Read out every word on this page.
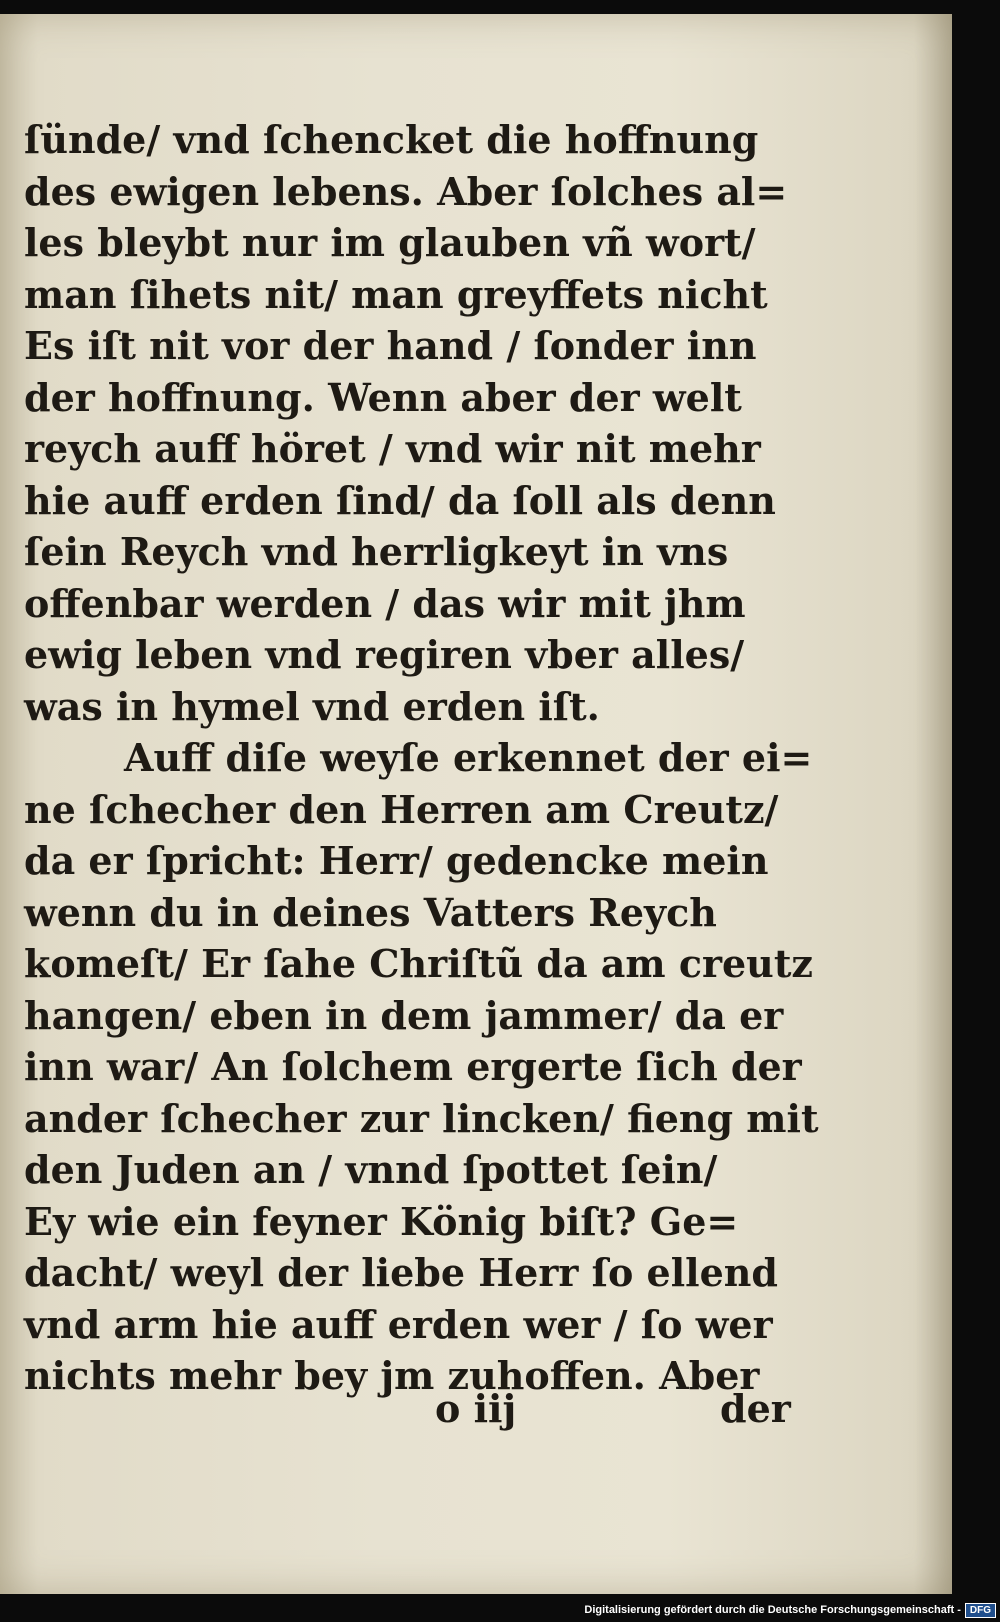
ſünde/ vnd ſchencket die hoffnung
des ewigen lebens. Aber ſolches al=
les bleybt nur im glauben vñ wort/
man ſihets nit/ man greyffets nicht
Es iſt nit vor der hand / ſonder inn
der hoffnung. Wenn aber der welt
reych auff höret / vnd wir nit mehr
hie auff erden ſind/ da ſoll als denn
ſein Reych vnd herrligkeyt in vns
offenbar werden / das wir mit jhm
ewig leben vnd regiren vber alles/
was in hymel vnd erden iſt.
Auff diſe weyſe erkennet der ei=
ne ſchecher den Herren am Creutz/
da er ſpricht: Herr/ gedencke mein
wenn du in deines Vatters Reych
komeſt/ Er ſahe Chriſtũ da am creutz
hangen/ eben in dem jammer/ da er
inn war/ An ſolchem ergerte ſich der
ander ſchecher zur lincken/ fieng mit
den Juden an / vnnd ſpottet ſein/
Ey wie ein feyner König biſt? Ge=
dacht/ weyl der liebe Herr ſo ellend
vnd arm hie auff erden wer / ſo wer
nichts mehr bey jm zuhoffen. Aber
o iij	der
Digitalisierung gefördert durch die Deutsche Forschungsgemeinschaft - DFG
